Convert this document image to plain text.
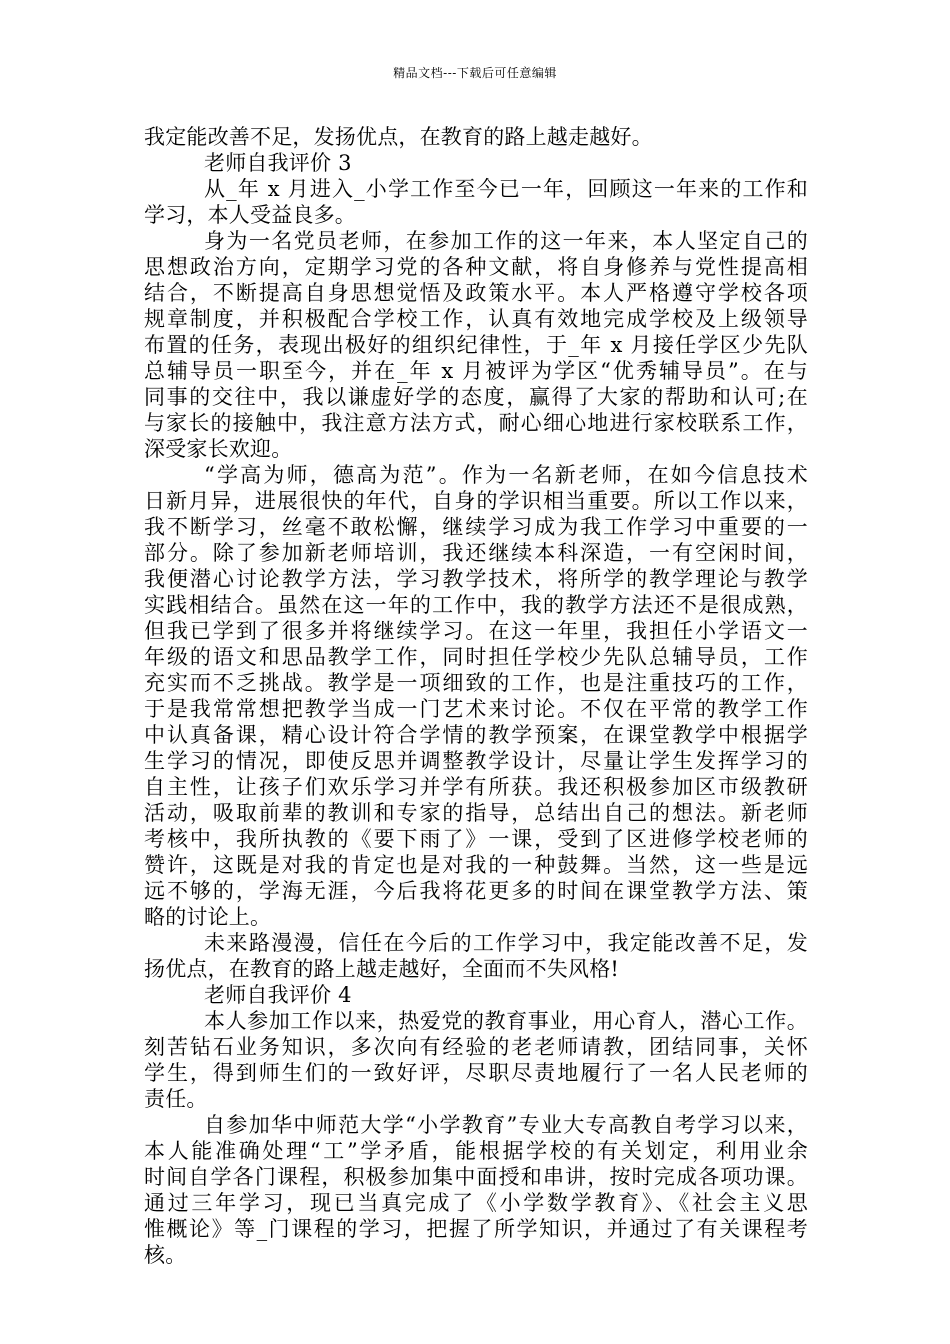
精品文档---下载后可任意编辑
我定能改善不足，发扬优点，在教育的路上越走越好。
老师自我评价 3
从_年 x 月进入_小学工作至今已一年，回顾这一年来的工作和
学习，本人受益良多。
身为一名党员老师，在参加工作的这一年来，本人坚定自己的
思想政治方向，定期学习党的各种文献，将自身修养与党性提高相
结合，不断提高自身思想觉悟及政策水平。本人严格遵守学校各项
规章制度，并积极配合学校工作，认真有效地完成学校及上级领导
布置的任务，表现出极好的组织纪律性，于_年 x 月接任学区少先队
总辅导员一职至今，并在_年 x 月被评为学区“优秀辅导员”。在与
同事的交往中，我以谦虚好学的态度，赢得了大家的帮助和认可;在
与家长的接触中，我注意方法方式，耐心细心地进行家校联系工作，
深受家长欢迎。
“学高为师，德高为范”。作为一名新老师，在如今信息技术
日新月异，进展很快的年代，自身的学识相当重要。所以工作以来，
我不断学习，丝毫不敢松懈，继续学习成为我工作学习中重要的一
部分。除了参加新老师培训，我还继续本科深造，一有空闲时间，
我便潜心讨论教学方法，学习教学技术，将所学的教学理论与教学
实践相结合。虽然在这一年的工作中，我的教学方法还不是很成熟，
但我已学到了很多并将继续学习。在这一年里，我担任小学语文一
年级的语文和思品教学工作，同时担任学校少先队总辅导员，工作
充实而不乏挑战。教学是一项细致的工作，也是注重技巧的工作，
于是我常常想把教学当成一门艺术来讨论。不仅在平常的教学工作
中认真备课，精心设计符合学情的教学预案，在课堂教学中根据学
生学习的情况，即使反思并调整教学设计，尽量让学生发挥学习的
自主性，让孩子们欢乐学习并学有所获。我还积极参加区市级教研
活动，吸取前辈的教训和专家的指导，总结出自己的想法。新老师
考核中，我所执教的《要下雨了》一课，受到了区进修学校老师的
赞许，这既是对我的肯定也是对我的一种鼓舞。当然，这一些是远
远不够的，学海无涯，今后我将花更多的时间在课堂教学方法、策
略的讨论上。
未来路漫漫，信任在今后的工作学习中，我定能改善不足，发
扬优点，在教育的路上越走越好，全面而不失风格!
老师自我评价 4
本人参加工作以来，热爱党的教育事业，用心育人，潜心工作。
刻苦钻石业务知识，多次向有经验的老老师请教，团结同事，关怀
学生，得到师生们的一致好评，尽职尽责地履行了一名人民老师的
责任。
自参加华中师范大学“小学教育”专业大专高教自考学习以来，
本人能准确处理“工”学矛盾，能根据学校的有关划定，利用业余
时间自学各门课程，积极参加集中面授和串讲，按时完成各项功课。
通过三年学习，现已当真完成了《小学数学教育》、《社会主义思
惟概论》等_门课程的学习，把握了所学知识，并通过了有关课程考
核。
